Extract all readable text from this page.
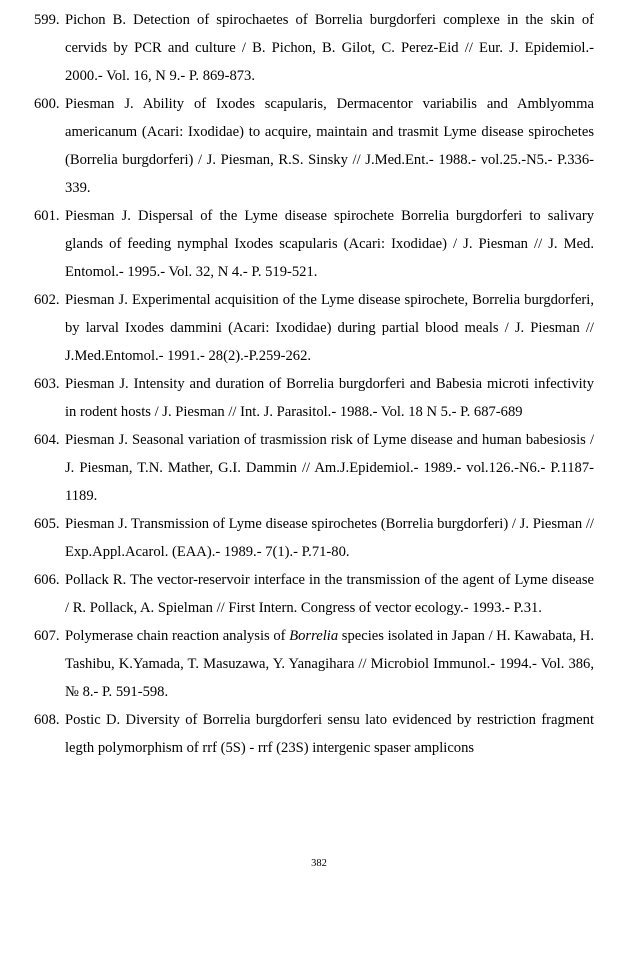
599. Pichon B. Detection of spirochaetes of Borrelia burgdorferi complexe in the skin of cervids by PCR and culture / B. Pichon, B. Gilot, C. Perez-Eid // Eur. J. Epidemiol.- 2000.- Vol. 16, N 9.- P. 869-873.

600. Piesman J. Ability of Ixodes scapularis, Dermacentor variabilis and Amblyomma americanum (Acari: Ixodidae) to acquire, maintain and trasmit Lyme disease spirochetes (Borrelia burgdorferi) / J. Piesman, R.S. Sinsky // J.Med.Ent.- 1988.- vol.25.-N5.- P.336-339.

601. Piesman J. Dispersal of the Lyme disease spirochete Borrelia burgdorferi to salivary glands of feeding nymphal Ixodes scapularis (Acari: Ixodidae) / J. Piesman // J. Med. Entomol.- 1995.- Vol. 32, N 4.- P. 519-521.

602. Piesman J. Experimental acquisition of the Lyme disease spirochete, Borrelia burgdorferi, by larval Ixodes dammini (Acari: Ixodidae) during partial blood meals / J. Piesman // J.Med.Entomol.- 1991.- 28(2).-P.259-262.

603. Piesman J. Intensity and duration of Borrelia burgdorferi and Babesia microti infectivity in rodent hosts / J. Piesman // Int. J. Parasitol.- 1988.- Vol. 18 N 5.- P. 687-689

604. Piesman J. Seasonal variation of trasmission risk of Lyme disease and human babesiosis / J. Piesman, T.N. Mather, G.I. Dammin // Am.J.Epidemiol.- 1989.- vol.126.-N6.- P.1187-1189.

605. Piesman J. Transmission of Lyme disease spirochetes (Borrelia burgdorferi) / J. Piesman // Exp.Appl.Acarol. (EAA).- 1989.- 7(1).- P.71-80.

606. Pollack R. The vector-reservoir interface in the transmission of the agent of Lyme disease / R. Pollack, A. Spielman // First Intern. Congress of vector ecology.- 1993.- P.31.

607. Polymerase chain reaction analysis of Borrelia species isolated in Japan / H. Kawabata, H. Tashibu, K.Yamada, T. Masuzawa, Y. Yanagihara // Microbiol Immunol.- 1994.- Vol. 386, № 8.- P. 591-598.

608. Postic D. Diversity of Borrelia burgdorferi sensu lato evidenced by restriction fragment legth polymorphism of rrf (5S) - rrf (23S) intergenic spaser amplicons

382
